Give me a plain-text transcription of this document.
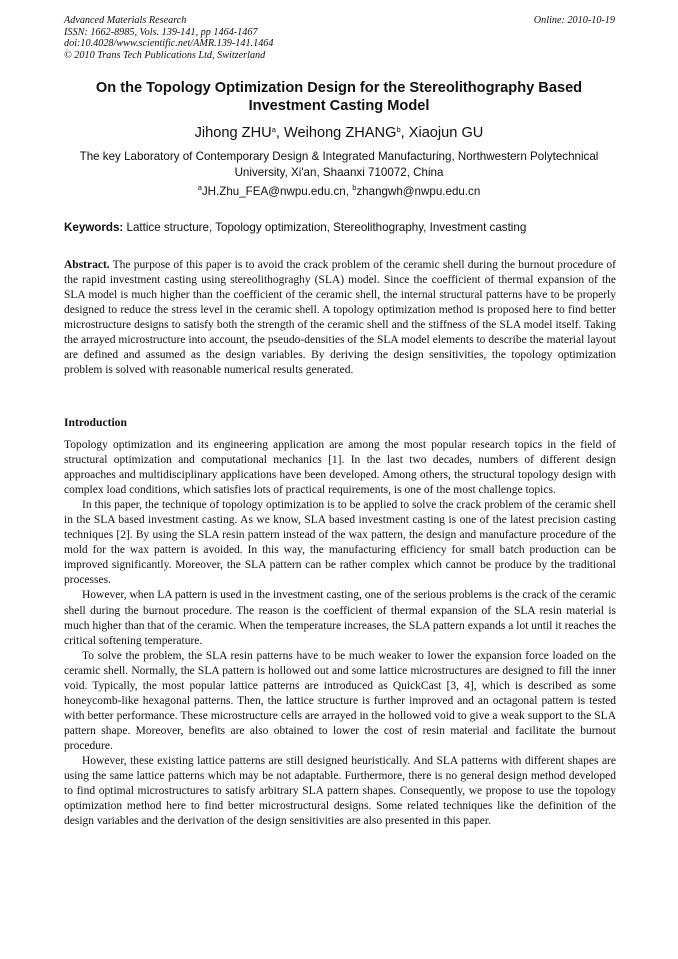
Advanced Materials Research
ISSN: 1662-8985, Vols. 139-141, pp 1464-1467
doi:10.4028/www.scientific.net/AMR.139-141.1464
© 2010 Trans Tech Publications Ltd, Switzerland
Online: 2010-10-19
On the Topology Optimization Design for the Stereolithography Based Investment Casting Model
Jihong ZHU$^a$, Weihong ZHANG$^b$, Xiaojun GU
The key Laboratory of Contemporary Design & Integrated Manufacturing, Northwestern Polytechnical University, Xi'an, Shaanxi 710072, China
$^a$JH.Zhu_FEA@nwpu.edu.cn, $^b$zhangwh@nwpu.edu.cn
Keywords: Lattice structure, Topology optimization, Stereolithography, Investment casting
Abstract. The purpose of this paper is to avoid the crack problem of the ceramic shell during the burnout procedure of the rapid investment casting using stereolithograghy (SLA) model. Since the coefficient of thermal expansion of the SLA model is much higher than the coefficient of the ceramic shell, the internal structural patterns have to be properly designed to reduce the stress level in the ceramic shell. A topology optimization method is proposed here to find better microstructure designs to satisfy both the strength of the ceramic shell and the stiffness of the SLA model itself. Taking the arrayed microstructure into account, the pseudo-densities of the SLA model elements to describe the material layout are defined and assumed as the design variables. By deriving the design sensitivities, the topology optimization problem is solved with reasonable numerical results generated.
Introduction

Topology optimization and its engineering application are among the most popular research topics in the field of structural optimization and computational mechanics [1]. In the last two decades, numbers of different design approaches and multidisciplinary applications have been developed. Among others, the structural topology design with complex load conditions, which satisfies lots of practical requirements, is one of the most challenge topics.

In this paper, the technique of topology optimization is to be applied to solve the crack problem of the ceramic shell in the SLA based investment casting. As we know, SLA based investment casting is one of the latest precision casting techniques [2]. By using the SLA resin pattern instead of the wax pattern, the design and manufacture procedure of the mold for the wax pattern is avoided. In this way, the manufacturing efficiency for small batch production can be improved significantly. Moreover, the SLA pattern can be rather complex which cannot be produce by the traditional processes.

However, when LA pattern is used in the investment casting, one of the serious problems is the crack of the ceramic shell during the burnout procedure. The reason is the coefficient of thermal expansion of the SLA resin material is much higher than that of the ceramic. When the temperature increases, the SLA pattern expands a lot until it reaches the critical softening temperature.

To solve the problem, the SLA resin patterns have to be much weaker to lower the expansion force loaded on the ceramic shell. Normally, the SLA pattern is hollowed out and some lattice microstructures are designed to fill the inner void. Typically, the most popular lattice patterns are introduced as QuickCast [3, 4], which is described as some honeycomb-like hexagonal patterns. Then, the lattice structure is further improved and an octagonal pattern is tested with better performance. These microstructure cells are arrayed in the hollowed void to give a weak support to the SLA pattern shape. Moreover, benefits are also obtained to lower the cost of resin material and facilitate the burnout procedure.

However, these existing lattice patterns are still designed heuristically. And SLA patterns with different shapes are using the same lattice patterns which may be not adaptable. Furthermore, there is no general design method developed to find optimal microstructures to satisfy arbitrary SLA pattern shapes. Consequently, we propose to use the topology optimization method here to find better microstructural designs. Some related techniques like the definition of the design variables and the derivation of the design sensitivities are also presented in this paper.
